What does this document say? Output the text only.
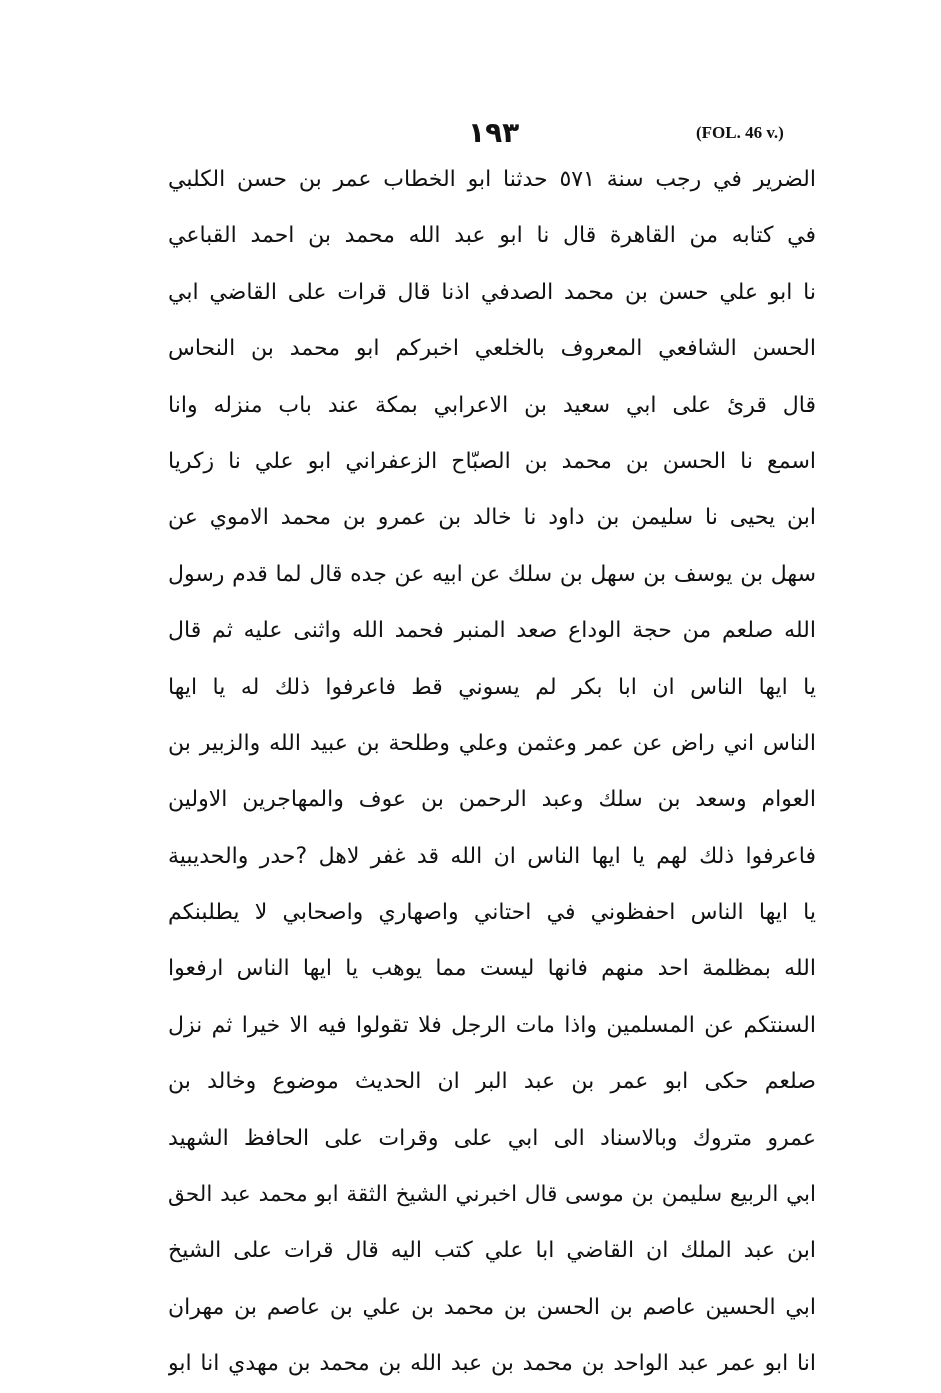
١٩٣	(FOL. 46 v.)
الضرير في رجب سنة ٥٧١ حدثنا ابو الخطاب عمر بن حسن الكلبي
في كتابه من القاهرة قال نا ابو عبد الله محمد بن احمد القباعي
نا ابو علي حسن بن محمد الصدفي اذنا قال قرات على القاضي ابي
الحسن الشافعي المعروف بالخلعي اخبركم ابو محمد بن النحاس
قال قرئ على ابي سعيد بن الاعرابي بمكة عند باب منزله وانا
اسمع نا الحسن بن محمد بن الصبّاح الزعفراني ابو علي نا زكريا
ابن يحيى نا سليمن بن داود نا خالد بن عمرو بن محمد الاموي عن
سهل بن يوسف بن سهل بن سلك عن ابيه عن جده قال لما قدم رسول
الله صلعم من حجة الوداع صعد المنبر فحمد الله واثنى عليه ثم قال
يا ايها الناس ان ابا بكر لم يسوني قط فاعرفوا ذلك له يا ايها
الناس اني راض عن عمر وعثمن وعلي وطلحة بن عبيد الله والزبير بن
العوام وسعد بن سلك وعبد الرحمن بن عوف والمهاجرين الاولين
فاعرفوا ذلك لهم يا ايها الناس ان الله قد غفر لاهل ?حدر والحديبية
يا ايها الناس احفظوني في احتاني واصهاري واصحابي لا يطلبنكم
الله بمظلمة احد منهم فانها ليست مما يوهب يا ايها الناس ارفعوا
السنتكم عن المسلمين واذا مات الرجل فلا تقولوا فيه الا خيرا ثم نزل
صلعم حكى ابو عمر بن عبد البر ان الحديث موضوع وخالد بن
عمرو متروك وبالاسناد الى ابي على وقرات على الحافظ الشهيد
ابي الربيع سليمن بن موسى قال اخبرني الشيخ الثقة ابو محمد عبد الحق
ابن عبد الملك ان القاضي ابا علي كتب اليه قال قرات على الشيخ
ابي الحسين عاصم بن الحسن بن محمد بن علي بن عاصم بن مهران
انا ابو عمر عبد الواحد بن محمد بن عبد الله بن محمد بن مهدي انا ابو
